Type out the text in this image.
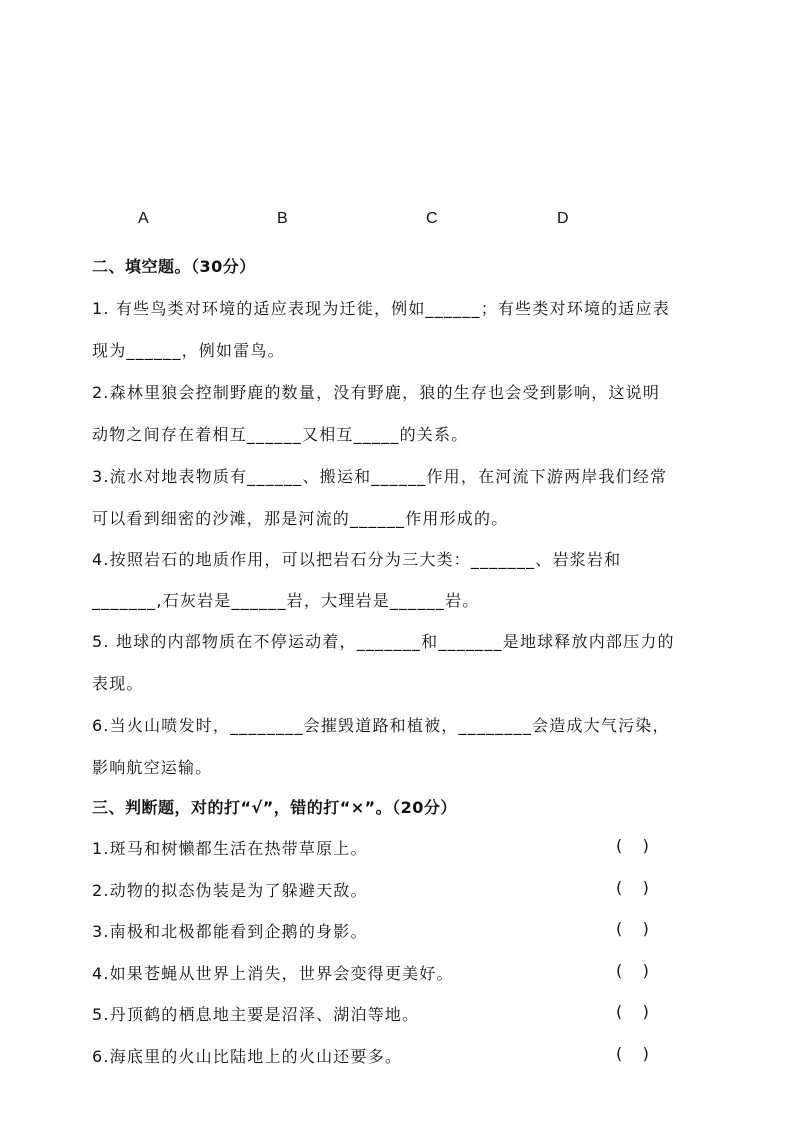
A	B	C	D
二、填空题。（30分）
1. 有些鸟类对环境的适应表现为迁徙，例如______；有些类对环境的适应表
现为______，例如雷鸟。
2.森林里狼会控制野鹿的数量，没有野鹿，狼的生存也会受到影响，这说明
动物之间存在着相互______又相互_____的关系。
3.流水对地表物质有______、搬运和______作用，在河流下游两岸我们经常
可以看到细密的沙滩，那是河流的______作用形成的。
4.按照岩石的地质作用，可以把岩石分为三大类：_______、岩浆岩和
_______,石灰岩是______岩，大理岩是______岩。
5. 地球的内部物质在不停运动着，_______和_______是地球释放内部压力的
表现。
6.当火山喷发时，________会摧毁道路和植被，________会造成大气污染，
影响航空运输。
三、判断题，对的打“√”，错的打“×”。（20分）
1.斑马和树懒都生活在热带草原上。	(    )
2.动物的拟态伪装是为了躲避天敌。	(    )
3.南极和北极都能看到企鹅的身影。	(    )
4.如果苍蝇从世界上消失，世界会变得更美好。	(    )
5.丹顶鹤的栖息地主要是沼泽、湖泊等地。	(    )
6.海底里的火山比陆地上的火山还要多。	(    )
